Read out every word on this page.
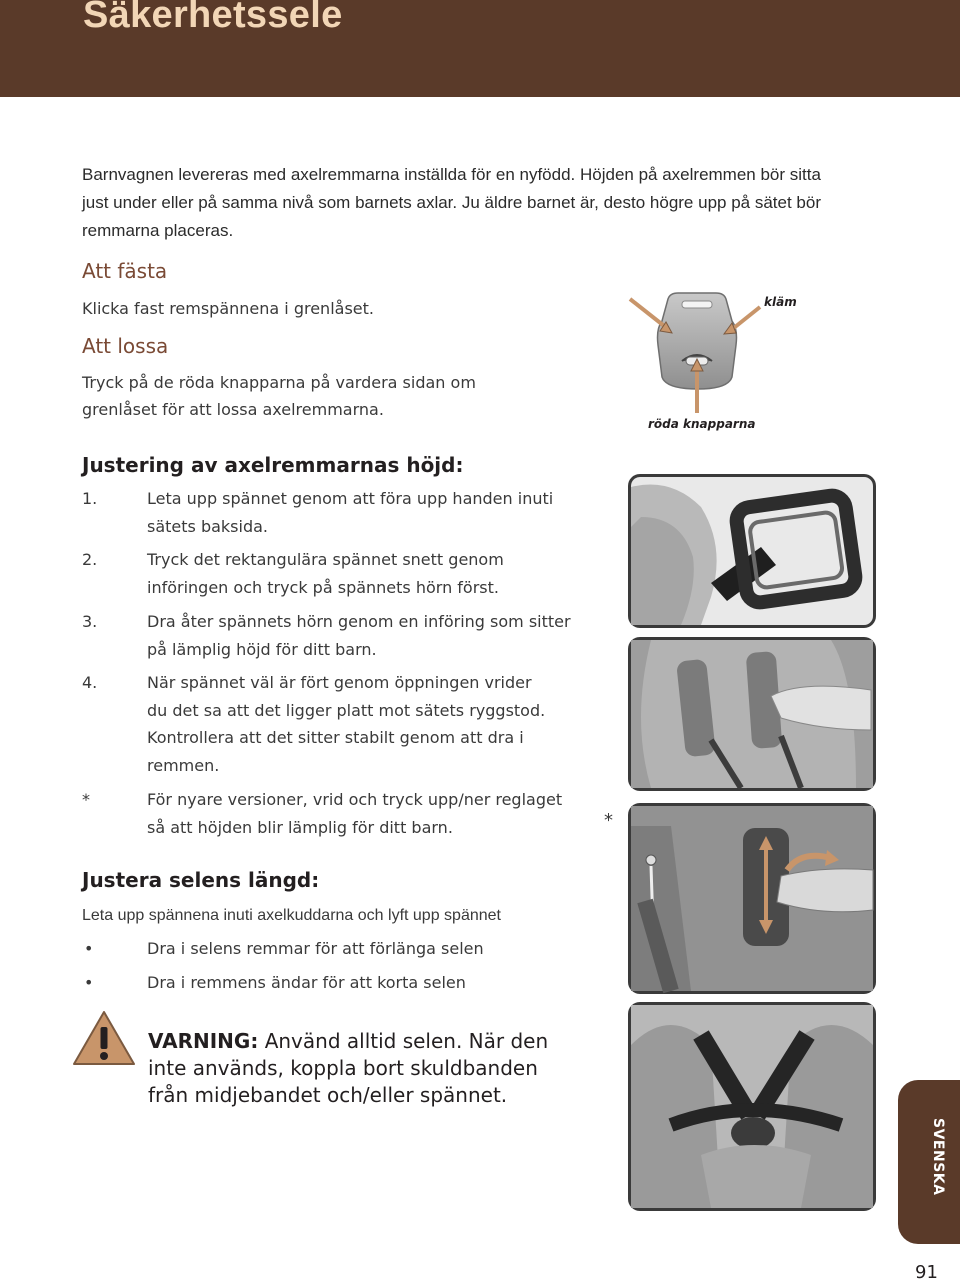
Säkerhetssele
Barnvagnen levereras med axelremmarna inställda för en nyfödd. Höjden på axelremmen bör sitta
just under eller på samma nivå som barnets axlar. Ju äldre barnet är, desto högre upp på sätet bör
remmarna placeras.
Att fästa
Klicka fast remspännena i grenlåset.
Att lossa
Tryck på de röda knapparna på vardera sidan om
grenlåset för att lossa axelremmarna.
kläm
röda knapparna
Justering av axelremmarnas höjd:
1.	Leta upp spännet genom att föra upp handen inuti
sätets baksida.
2.	Tryck det rektangulära spännet snett genom
införingen och tryck på spännets hörn först.
3.	Dra åter spännets hörn genom en införing som sitter
på lämplig höjd för ditt barn.
4.	När spännet väl är fört genom öppningen vrider
du det sa att det ligger platt mot sätets ryggstod.
Kontrollera att det sitter stabilt genom att dra i
remmen.
*	För nyare versioner, vrid och tryck upp/ner reglaget
så att höjden blir lämplig för ditt barn.	*
Justera selens längd:
Leta upp spännena inuti axelkuddarna och lyft upp spännet
•	Dra i selens remmar för att förlänga selen
•	Dra i remmens ändar för att korta selen
VARNING: Använd alltid selen. När den
inte används, koppla bort skuldbanden
från midjebandet och/eller spännet.
SVENSKA
91
